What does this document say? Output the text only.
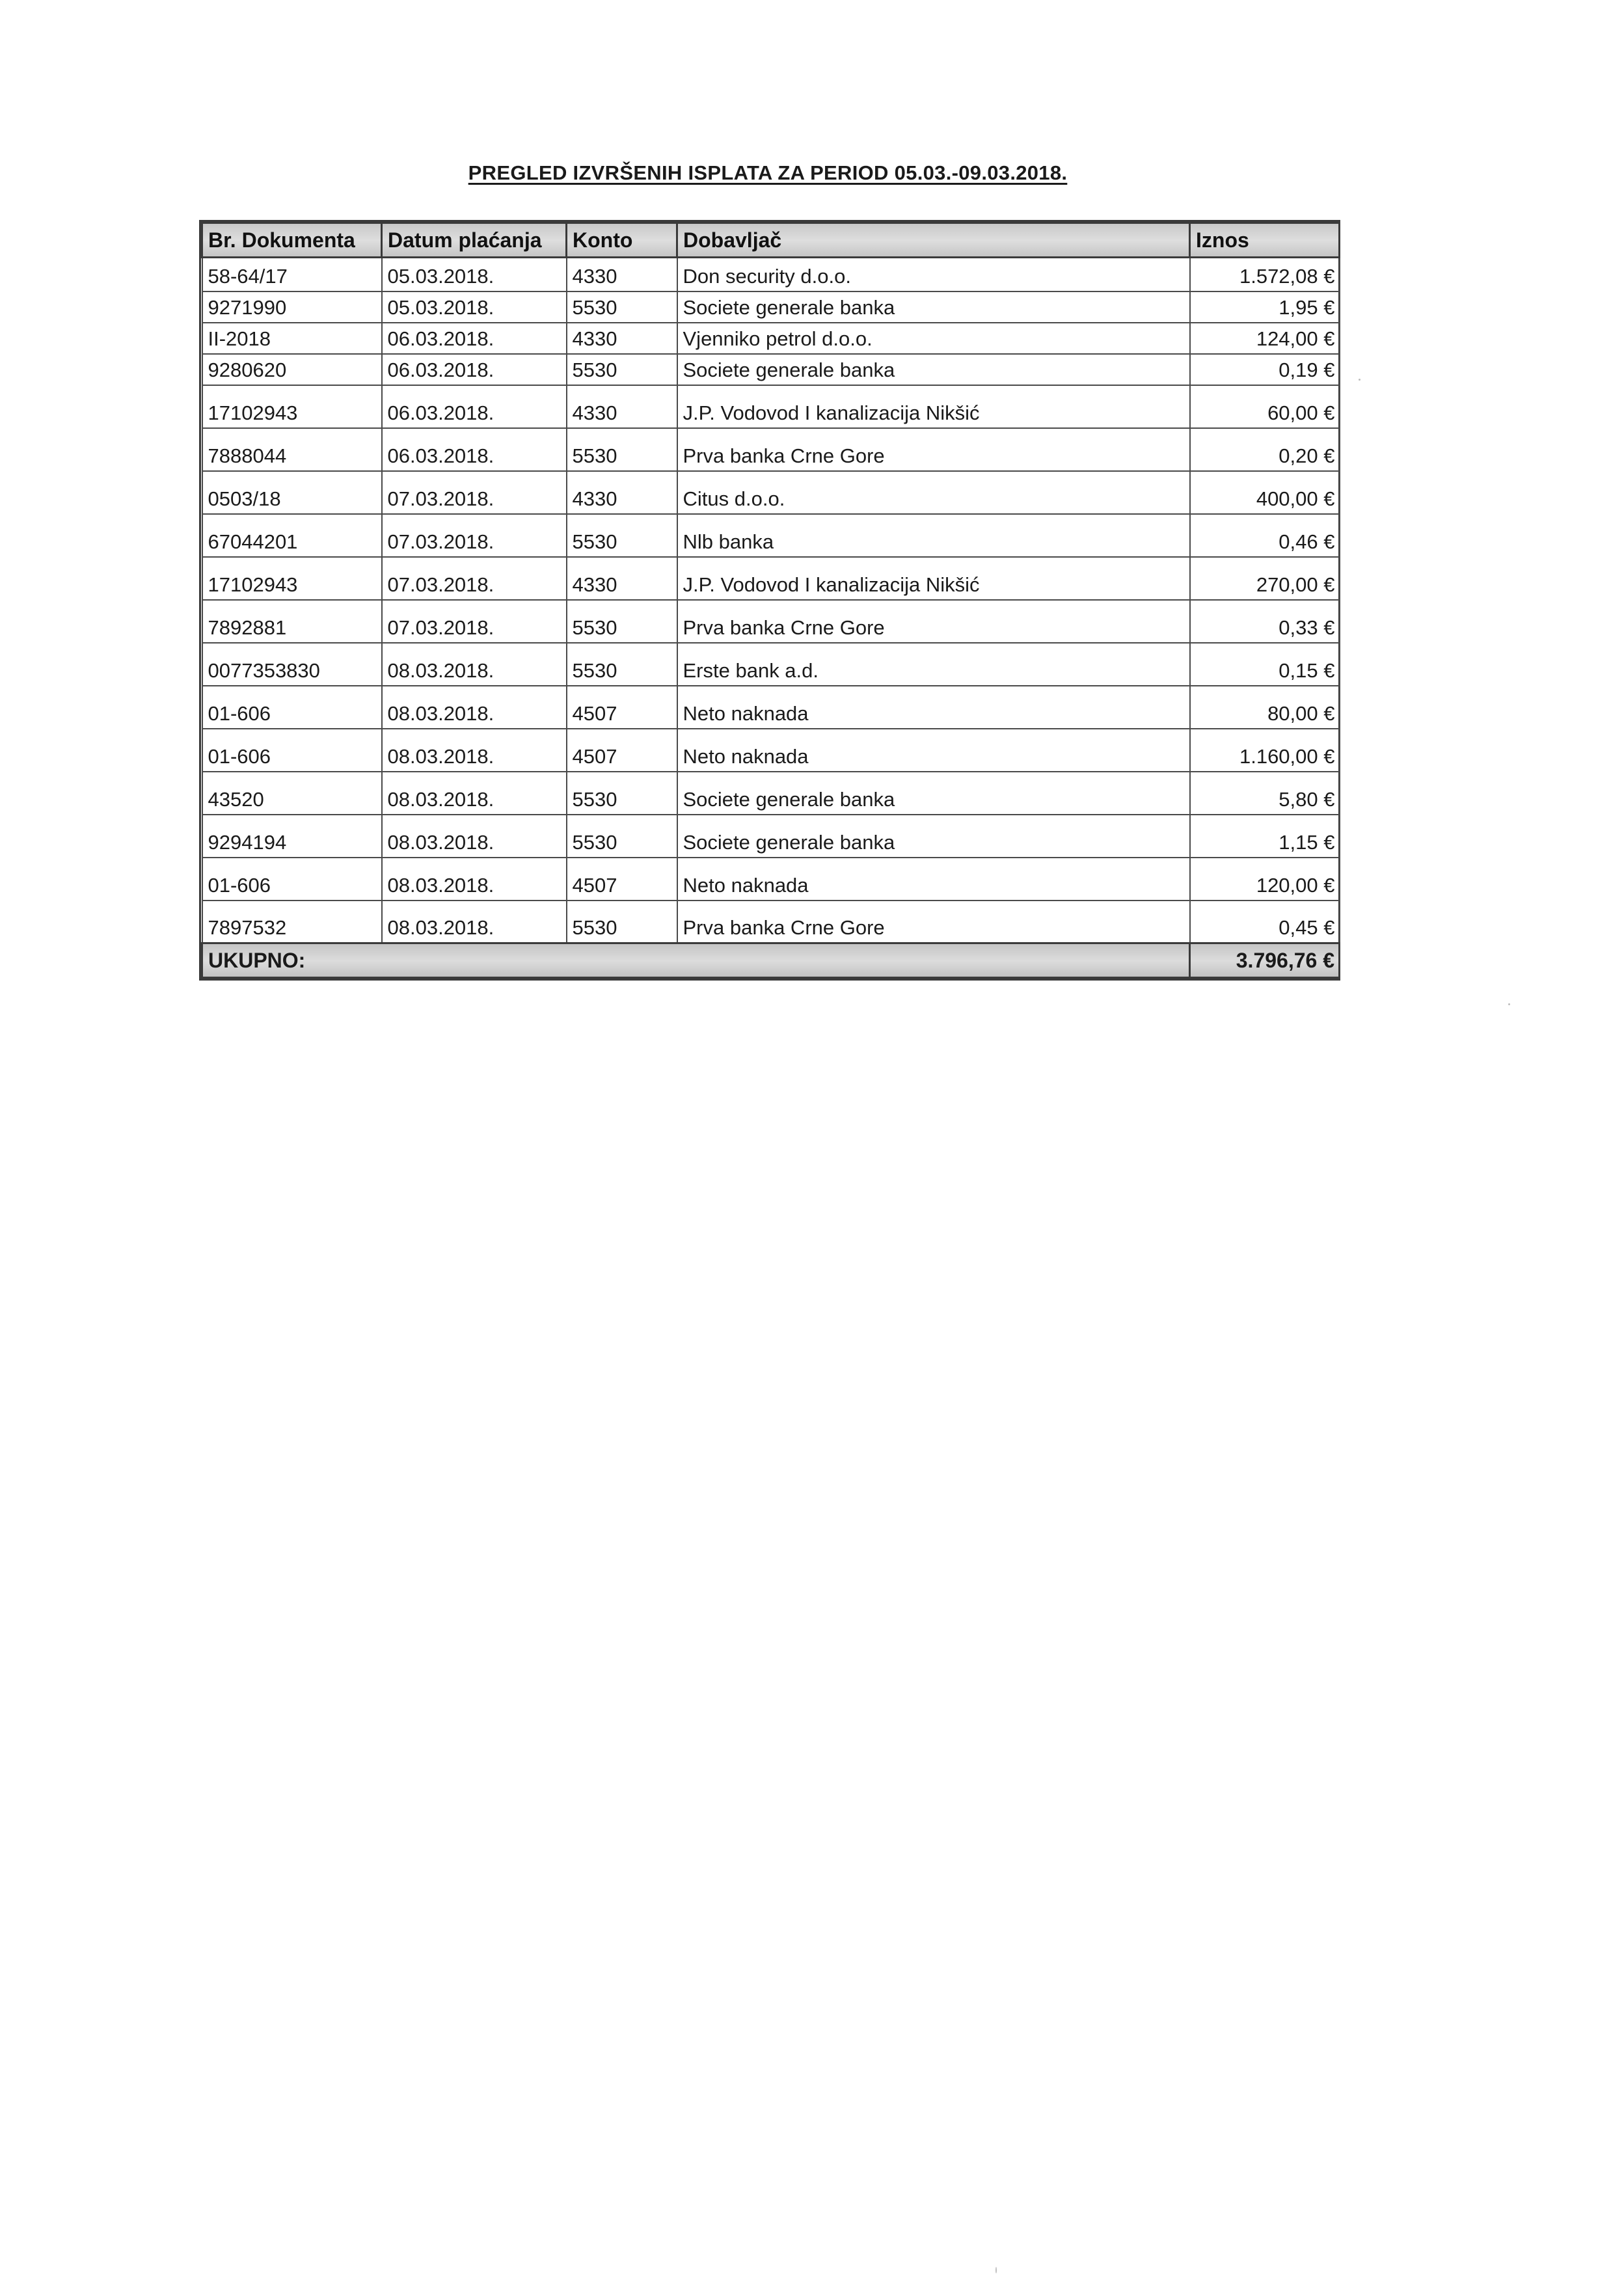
PREGLED IZVRŠENIH ISPLATA ZA PERIOD 05.03.-09.03.2018.
Br. Dokumenta	Datum plaćanja	Konto	Dobavljač	Iznos
58-64/17	05.03.2018.	4330	Don security d.o.o.	1.572,08 €
9271990	05.03.2018.	5530	Societe generale banka	1,95 €
II-2018	06.03.2018.	4330	Vjenniko petrol d.o.o.	124,00 €
9280620	06.03.2018.	5530	Societe generale banka	0,19 €
17102943	06.03.2018.	4330	J.P. Vodovod I kanalizacija Nikšić	60,00 €
7888044	06.03.2018.	5530	Prva banka Crne Gore	0,20 €
0503/18	07.03.2018.	4330	Citus d.o.o.	400,00 €
67044201	07.03.2018.	5530	Nlb banka	0,46 €
17102943	07.03.2018.	4330	J.P. Vodovod I kanalizacija Nikšić	270,00 €
7892881	07.03.2018.	5530	Prva banka Crne Gore	0,33 €
0077353830	08.03.2018.	5530	Erste bank a.d.	0,15 €
01-606	08.03.2018.	4507	Neto naknada	80,00 €
01-606	08.03.2018.	4507	Neto naknada	1.160,00 €
43520	08.03.2018.	5530	Societe generale banka	5,80 €
9294194	08.03.2018.	5530	Societe generale banka	1,15 €
01-606	08.03.2018.	4507	Neto naknada	120,00 €
7897532	08.03.2018.	5530	Prva banka Crne Gore	0,45 €
UKUPNO:				3.796,76 €
